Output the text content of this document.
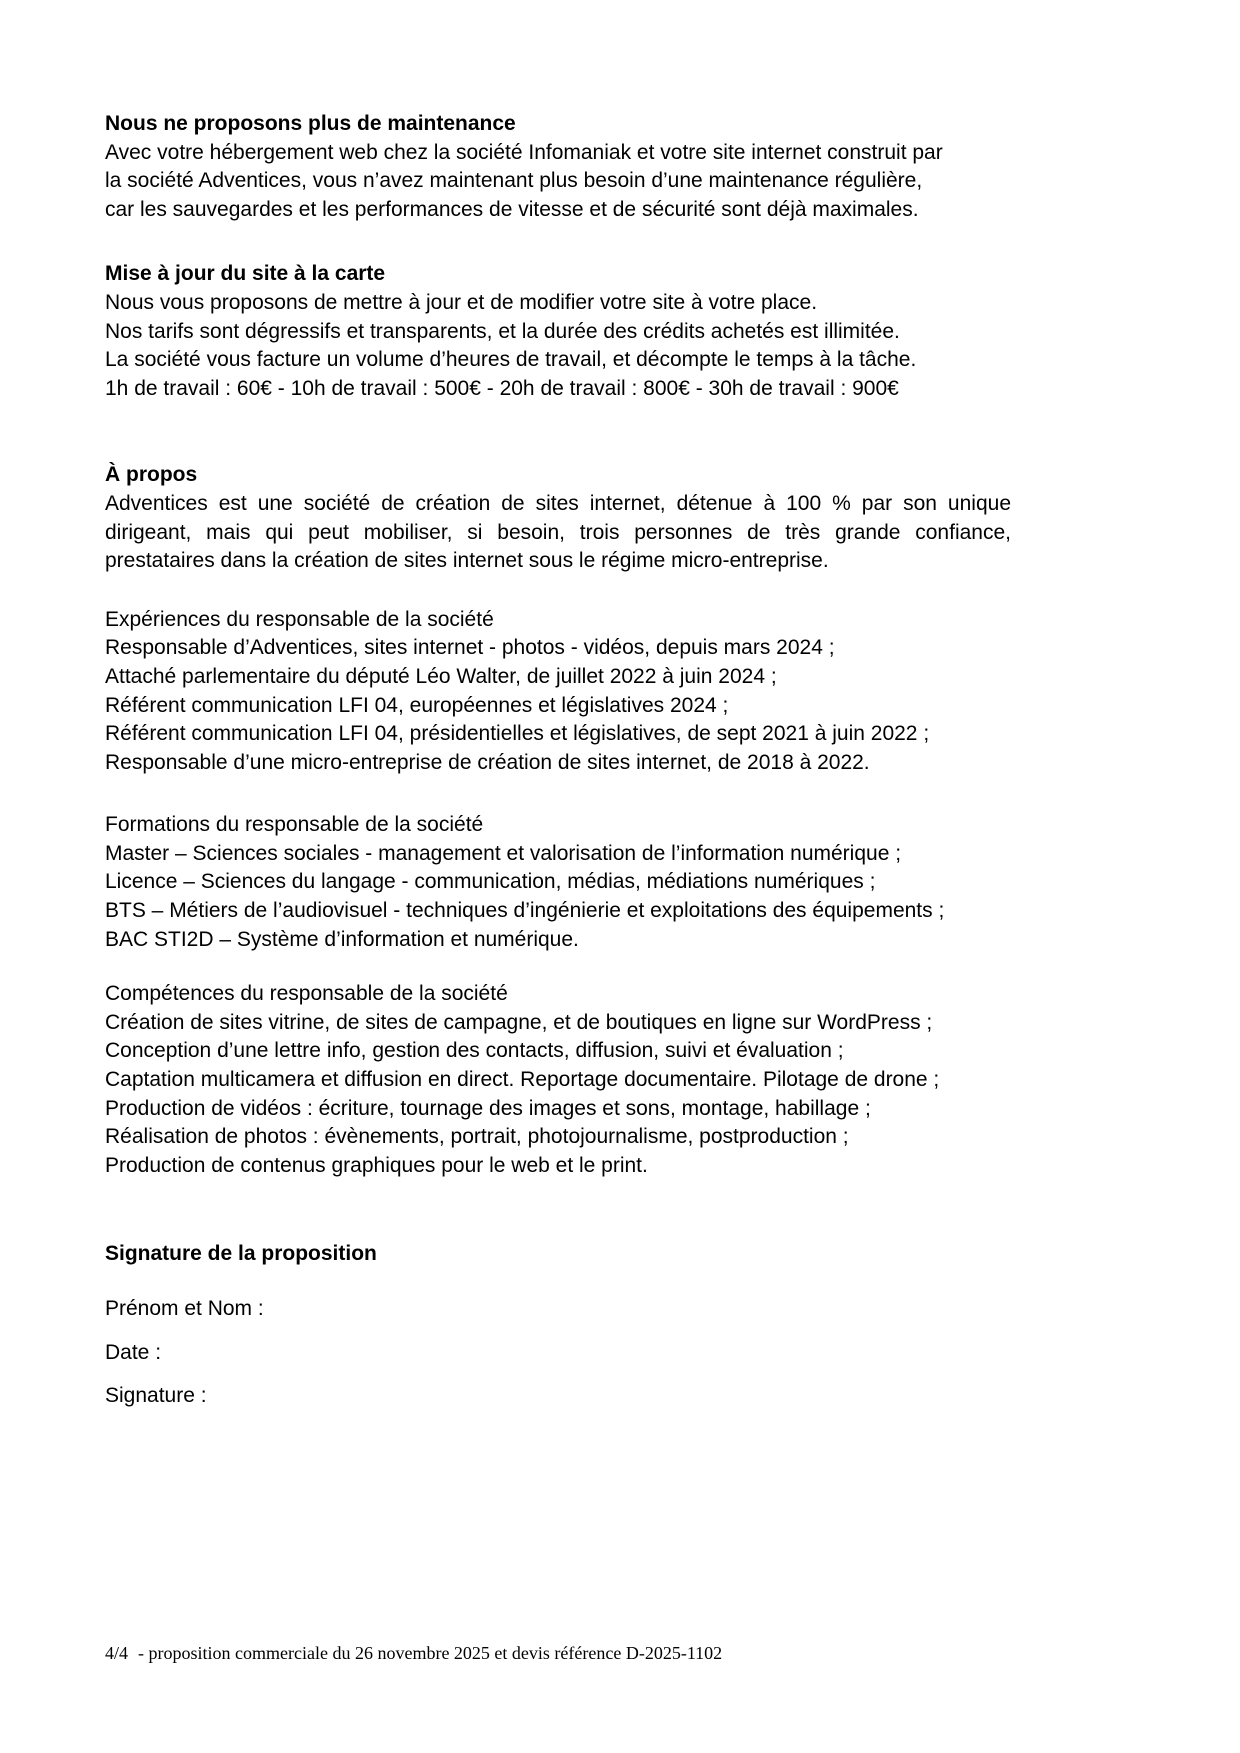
Nous ne proposons plus de maintenance
Avec votre hébergement web chez la société Infomaniak et votre site internet construit par
la société Adventices, vous n’avez maintenant plus besoin d’une maintenance régulière,
car les sauvegardes et les performances de vitesse et de sécurité sont déjà maximales.
Mise à jour du site à la carte
Nous vous proposons de mettre à jour et de modifier votre site à votre place.
Nos tarifs sont dégressifs et transparents, et la durée des crédits achetés est illimitée.
La société vous facture un volume d’heures de travail, et décompte le temps à la tâche.
1h de travail : 60€ - 10h de travail : 500€ - 20h de travail : 800€ - 30h de travail : 900€
À propos
Adventices est une société de création de sites internet, détenue à 100 % par son unique
dirigeant, mais qui peut mobiliser, si besoin, trois personnes de très grande confiance,
prestataires dans la création de sites internet sous le régime micro-entreprise.
Expériences du responsable de la société
Responsable d’Adventices, sites internet - photos - vidéos, depuis mars 2024 ;
Attaché parlementaire du député Léo Walter, de juillet 2022 à juin 2024 ;
Référent communication LFI 04, européennes et législatives 2024 ;
Référent communication LFI 04, présidentielles et législatives, de sept 2021 à juin 2022 ;
Responsable d’une micro-entreprise de création de sites internet, de 2018 à 2022.
Formations du responsable de la société
Master – Sciences sociales - management et valorisation de l’information numérique ;
Licence – Sciences du langage - communication, médias, médiations numériques ;
BTS – Métiers de l’audiovisuel - techniques d’ingénierie et exploitations des équipements ;
BAC STI2D – Système d’information et numérique.
Compétences du responsable de la société
Création de sites vitrine, de sites de campagne, et de boutiques en ligne sur WordPress ;
Conception d’une lettre info, gestion des contacts, diffusion, suivi et évaluation ;
Captation multicamera et diffusion en direct. Reportage documentaire. Pilotage de drone ;
Production de vidéos : écriture, tournage des images et sons, montage, habillage ;
Réalisation de photos : évènements, portrait, photojournalisme, postproduction ;
Production de contenus graphiques pour le web et le print.
Signature de la proposition
Prénom et Nom :
Date :
Signature :
4/4 - proposition commerciale du 26 novembre 2025 et devis référence D-2025-1102
